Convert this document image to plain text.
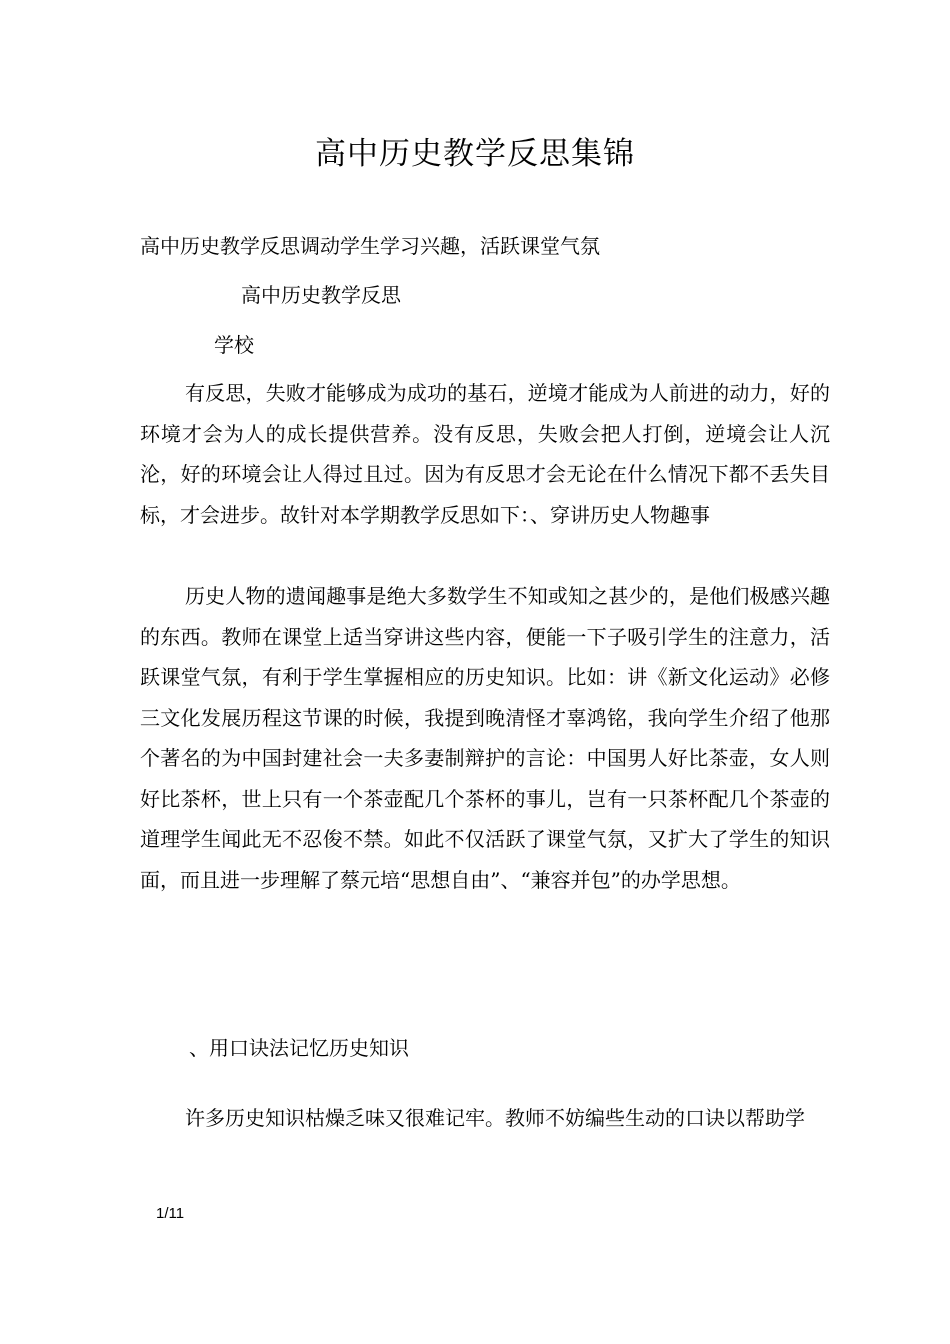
高中历史教学反思集锦

高中历史教学反思调动学生学习兴趣，活跃课堂气氛

高中历史教学反思

学校

有反思，失败才能够成为成功的基石，逆境才能成为人前进的动力，好的环境才会为人的成长提供营养。没有反思，失败会把人打倒，逆境会让人沉沦，好的环境会让人得过且过。因为有反思才会无论在什么情况下都不丢失目标，才会进步。故针对本学期教学反思如下：、穿讲历史人物趣事

历史人物的遗闻趣事是绝大多数学生不知或知之甚少的，是他们极感兴趣的东西。教师在课堂上适当穿讲这些内容，便能一下子吸引学生的注意力，活跃课堂气氛，有利于学生掌握相应的历史知识。比如：讲《新文化运动》必修三文化发展历程这节课的时候，我提到晚清怪才辜鸿铭，我向学生介绍了他那个著名的为中国封建社会一夫多妻制辩护的言论：中国男人好比茶壶，女人则好比茶杯，世上只有一个茶壶配几个茶杯的事儿，岂有一只茶杯配几个茶壶的道理学生闻此无不忍俊不禁。如此不仅活跃了课堂气氛，又扩大了学生的知识面，而且进一步理解了蔡元培“思想自由”、“兼容并包”的办学思想。

、用口诀法记忆历史知识

许多历史知识枯燥乏味又很难记牢。教师不妨编些生动的口诀以帮助学

1/11
